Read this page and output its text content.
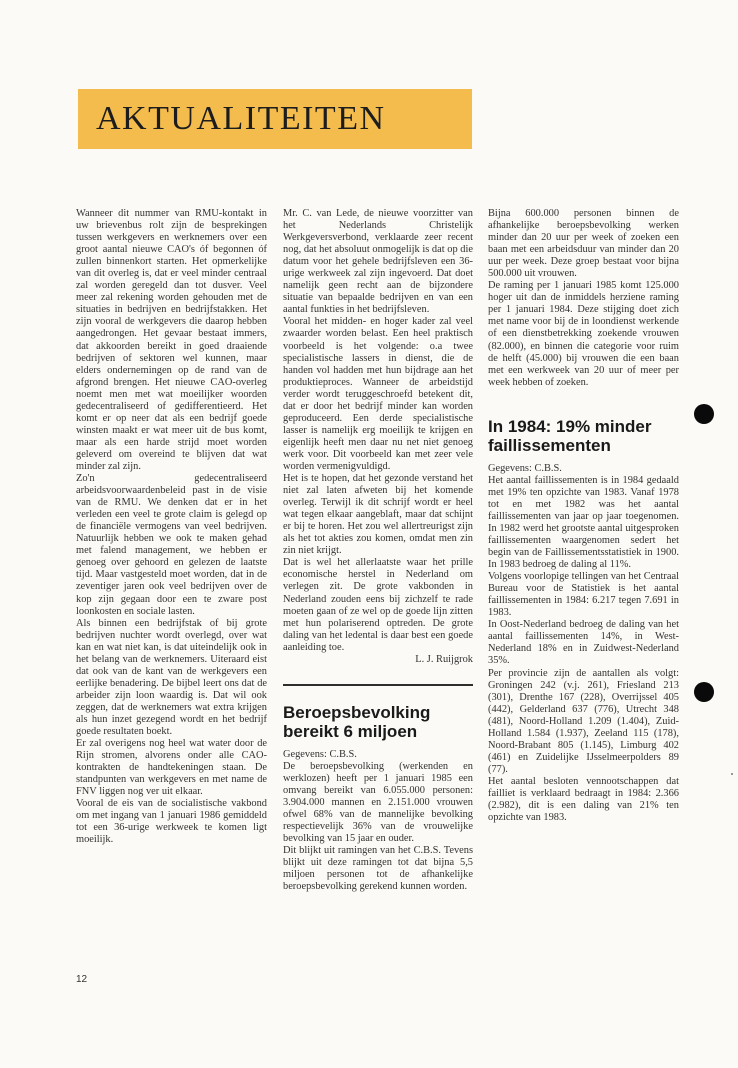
AKTUALITEITEN

Wanneer dit nummer van RMU-kontakt in uw brievenbus rolt zijn de besprekingen tussen werkgevers en werknemers over een groot aantal nieuwe CAO's óf begonnen óf zullen binnenkort starten. Het opmerkelijke van dit overleg is, dat er veel minder centraal zal worden geregeld dan tot dusver. Veel meer zal rekening worden gehouden met de situaties in bedrijven en bedrijfstakken. Het zijn vooral de werkgevers die daarop hebben aangedrongen. Het gevaar bestaat immers, dat akkoorden bereikt in goed draaiende bedrijven of sektoren wel kunnen, maar elders ondernemingen op de rand van de afgrond brengen. Het nieuwe CAO-overleg noemt men met wat moeilijker woorden gedecentraliseerd of gedifferentieerd. Het komt er op neer dat als een bedrijf goede winsten maakt er wat meer uit de bus komt, maar als een harde strijd moet worden geleverd om overeind te blijven dat wat minder zal zijn.

Zo'n gedecentraliseerd arbeidsvoorwaardenbeleid past in de visie van de RMU. We denken dat er in het verleden een veel te grote claim is gelegd op de financiële vermogens van veel bedrijven. Natuurlijk hebben we ook te maken gehad met falend management, we hebben er genoeg over gehoord en gelezen de laatste tijd. Maar vastgesteld moet worden, dat in de zeventiger jaren ook veel bedrijven over de kop zijn gegaan door een te zware post loonkosten en sociale lasten.

Als binnen een bedrijfstak of bij grote bedrijven nuchter wordt overlegd, over wat kan en wat niet kan, is dat uiteindelijk ook in het belang van de werknemers. Uiteraard eist dat ook van de kant van de werkgevers een eerlijke benadering. De bijbel leert ons dat de arbeider zijn loon waardig is. Dat wil ook zeggen, dat de werknemers wat extra krijgen als hun inzet gezegend wordt en het bedrijf goede resultaten boekt.

Er zal overigens nog heel wat water door de Rijn stromen, alvorens onder alle CAO-kontrakten de handtekeningen staan. De standpunten van werkgevers en met name de FNV liggen nog ver uit elkaar.

Vooral de eis van de socialistische vakbond om met ingang van 1 januari 1986 gemiddeld tot een 36-urige werkweek te komen ligt moeilijk.

Mr. C. van Lede, de nieuwe voorzitter van het Nederlands Christelijk Werkgeversverbond, verklaarde zeer recent nog, dat het absoluut onmogelijk is dat op die datum voor het gehele bedrijfsleven een 36-urige werkweek zal zijn ingevoerd. Dat doet namelijk geen recht aan de bijzondere situatie van bepaalde bedrijven en van een aantal funkties in het bedrijfsleven.

Vooral het midden- en hoger kader zal veel zwaarder worden belast. Een heel praktisch voorbeeld is het volgende: o.a twee specialistische lassers in dienst, die de handen vol hadden met hun bijdrage aan het produktieproces. Wanneer de arbeidstijd verder wordt teruggeschroefd betekent dit, dat er door het bedrijf minder kan worden geproduceerd. Een derde specialistische lasser is namelijk erg moeilijk te krijgen en eigenlijk heeft men daar nu net niet genoeg werk voor. Dit voorbeeld kan met zeer vele worden vermenigvuldigd.

Het is te hopen, dat het gezonde verstand het niet zal laten afweten bij het komende overleg. Terwijl ik dit schrijf wordt er heel wat tegen elkaar aangeblaft, maar dat schijnt er bij te horen. Het zou wel allertreurigst zijn als het tot akties zou komen, omdat men zin zin niet krijgt.

Dat is wel het allerlaatste waar het prille economische herstel in Nederland om verlegen zit. De grote vakbonden in Nederland zouden eens bij zichzelf te rade moeten gaan of ze wel op de goede lijn zitten met hun polariserend optreden. De grote daling van het ledental is daar best een goede aanleiding toe.

L. J. Ruijgrok

Beroepsbevolking bereikt 6 miljoen

Gegevens: C.B.S.

De beroepsbevolking (werkenden en werklozen) heeft per 1 januari 1985 een omvang bereikt van 6.055.000 personen: 3.904.000 mannen en 2.151.000 vrouwen ofwel 68% van de mannelijke bevolking respectievelijk 36% van de vrouwelijke bevolking van 15 jaar en ouder.

Dit blijkt uit ramingen van het C.B.S. Tevens blijkt uit deze ramingen tot dat bijna 5,5 miljoen personen tot de afhankelijke beroepsbevolking gerekend kunnen worden.

Bijna 600.000 personen binnen de afhankelijke beroepsbevolking werken minder dan 20 uur per week of zoeken een baan met een arbeidsduur van minder dan 20 uur per week. Deze groep bestaat voor bijna 500.000 uit vrouwen.

De raming per 1 januari 1985 komt 125.000 hoger uit dan de inmiddels herziene raming per 1 januari 1984. Deze stijging doet zich met name voor bij de in loondienst werkende of een dienstbetrekking zoekende vrouwen (82.000), en binnen die categorie voor ruim de helft (45.000) bij vrouwen die een baan met een werkweek van 20 uur of meer per week hebben of zoeken.

In 1984: 19% minder faillissementen

Gegevens: C.B.S.

Het aantal faillissementen is in 1984 gedaald met 19% ten opzichte van 1983. Vanaf 1978 tot en met 1982 was het aantal faillissementen van jaar op jaar toegenomen. In 1982 werd het grootste aantal uitgesproken faillissementen waargenomen sedert het begin van de Faillissementsstatistiek in 1900. In 1983 bedroeg de daling al 11%.

Volgens voorlopige tellingen van het Centraal Bureau voor de Statistiek is het aantal faillissementen in 1984: 6.217 tegen 7.691 in 1983.

In Oost-Nederland bedroeg de daling van het aantal faillissementen 14%, in West-Nederland 18% en in Zuidwest-Nederland 35%.

Per provincie zijn de aantallen als volgt: Groningen 242 (v.j. 261), Friesland 213 (301), Drenthe 167 (228), Overrijssel 405 (442), Gelderland 637 (776), Utrecht 348 (481), Noord-Holland 1.209 (1.404), Zuid-Holland 1.584 (1.937), Zeeland 115 (178), Noord-Brabant 805 (1.145), Limburg 402 (461) en Zuidelijke IJsselmeerpolders 89 (77).

Het aantal besloten vennootschappen dat failliet is verklaard bedraagt in 1984: 2.366 (2.982), dit is een daling van 21% ten opzichte van 1983.

12
